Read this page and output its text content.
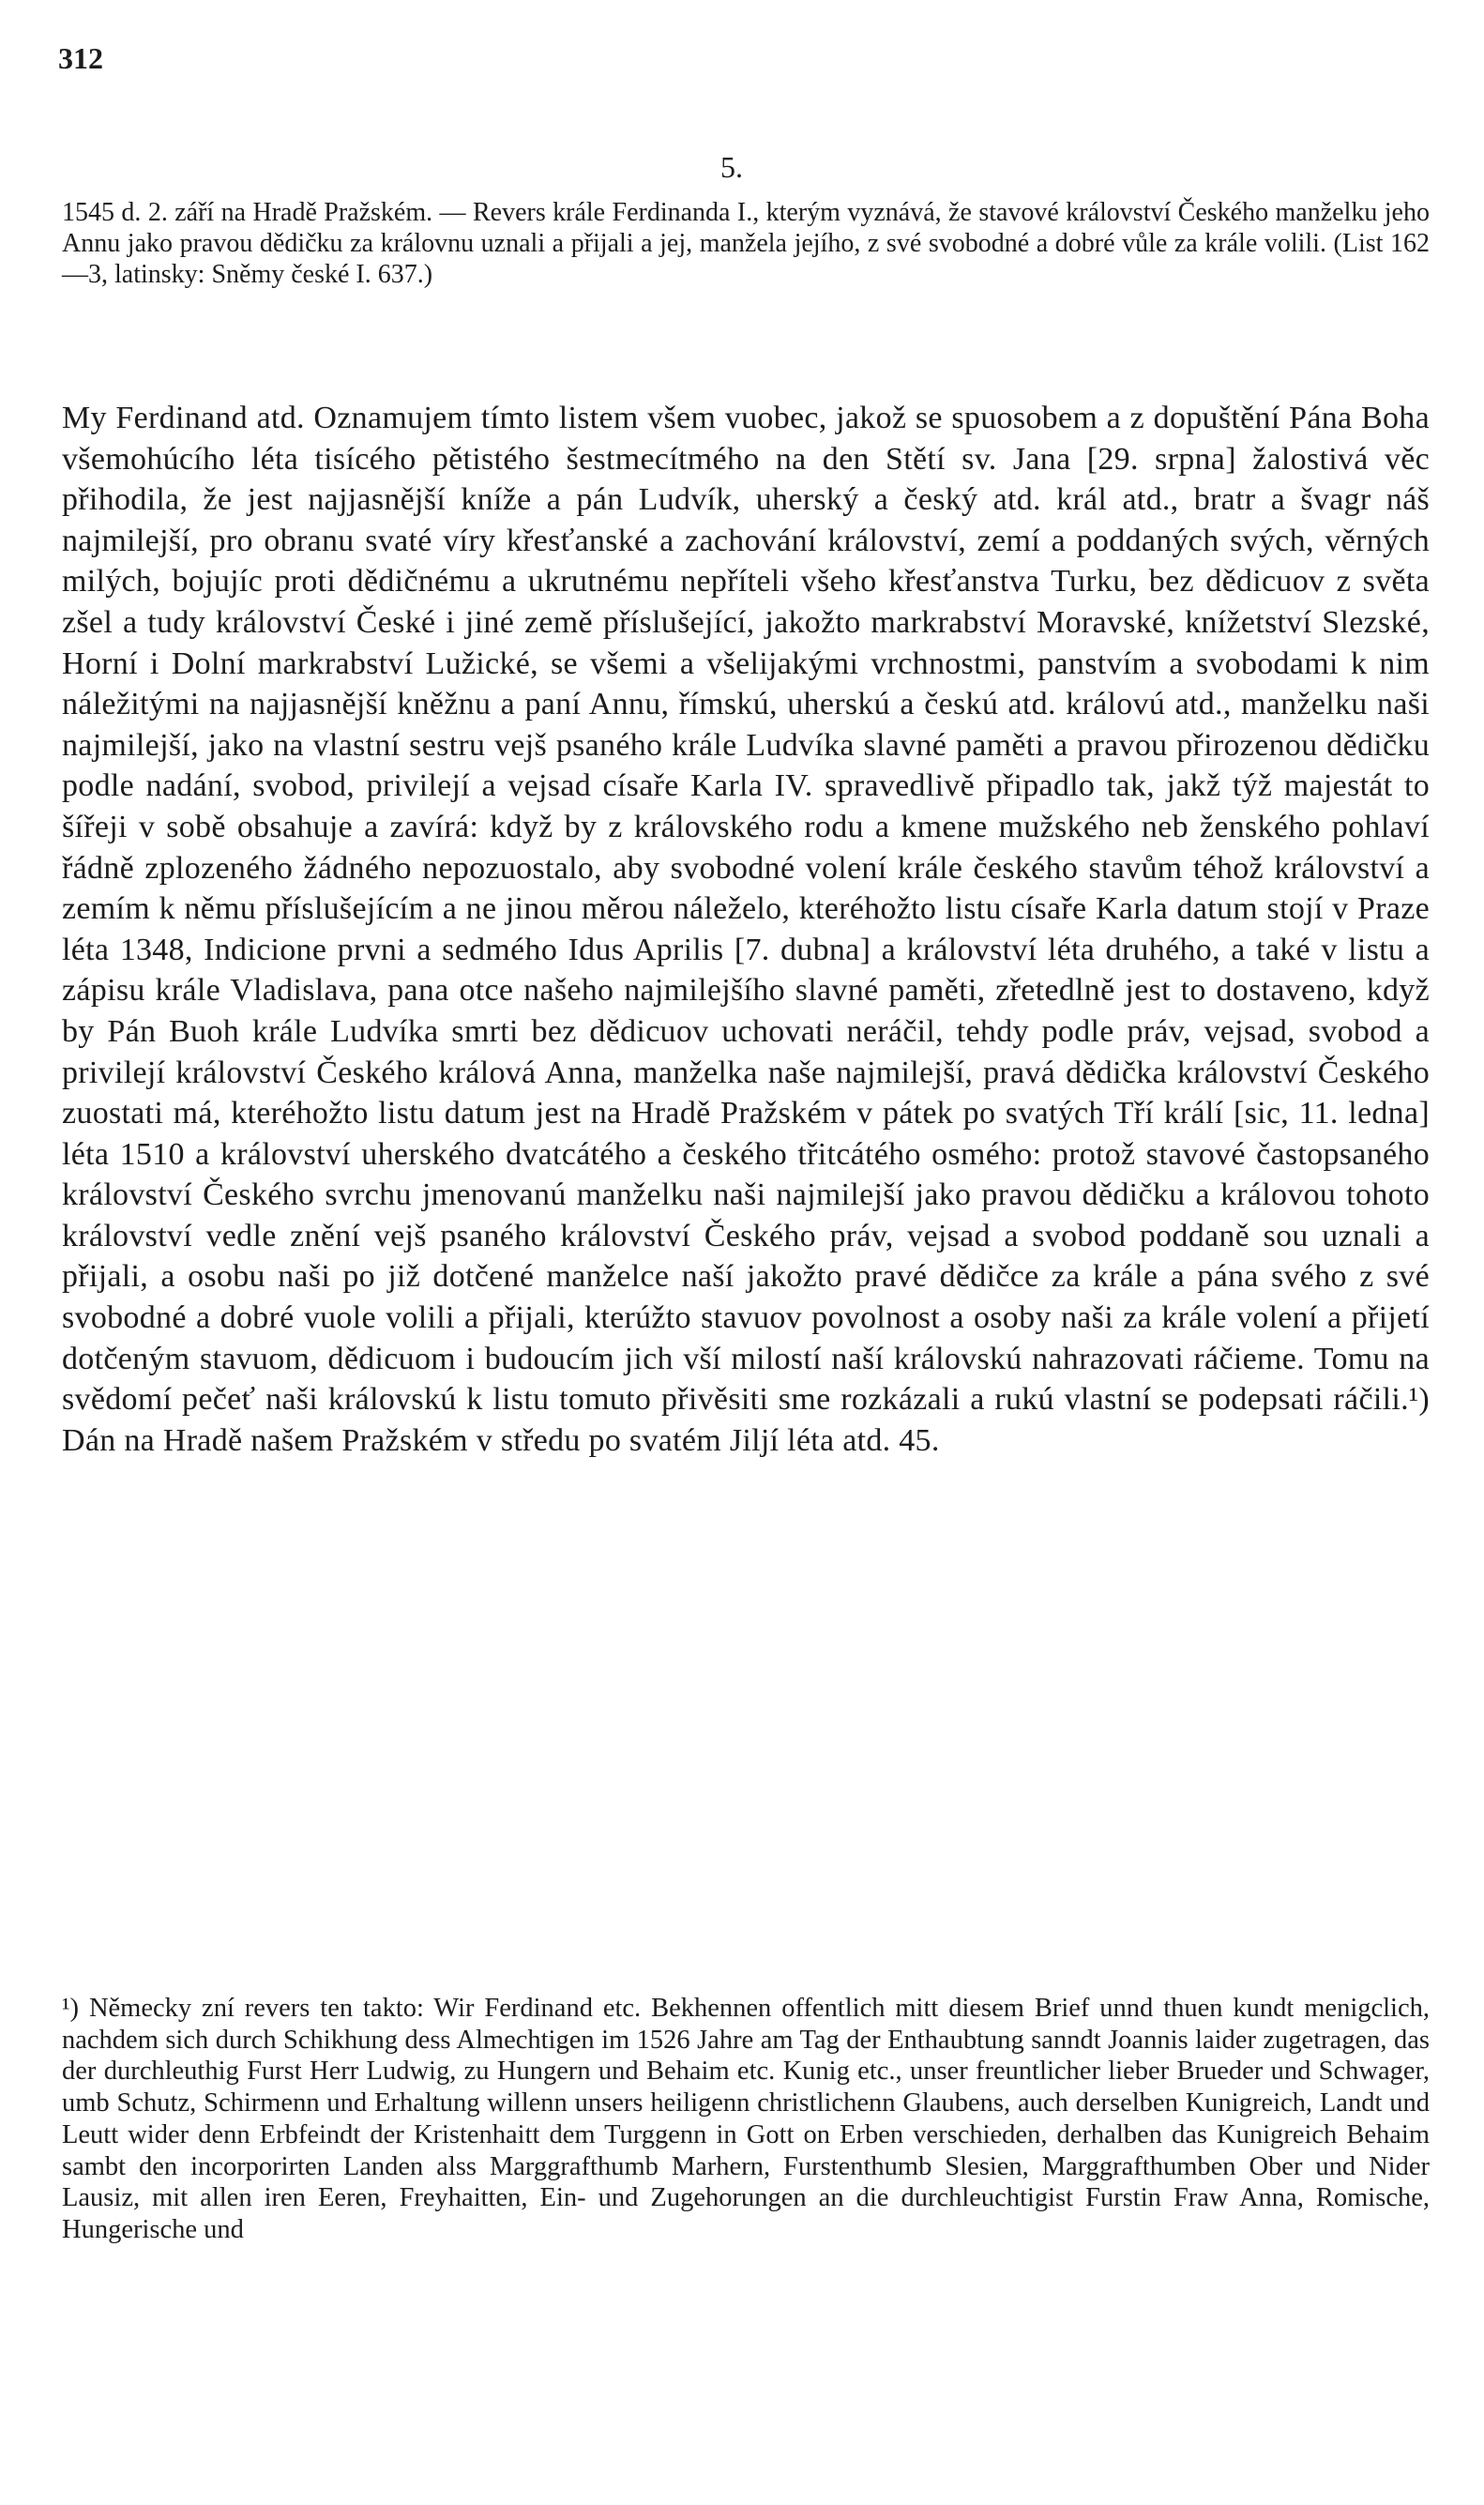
312
5.

1545 d. 2. září na Hradě Pražském. — Revers krále Ferdinanda I., kterým vyznává, že stavové království Českého manželku jeho Annu jako pravou dědičku za královnu uznali a přijali a jej, manžela jejího, z své svobodné a dobré vůle za krále volili. (List 162—3, latinsky: Sněmy české I. 637.)

My Ferdinand atd. Oznamujem tímto listem všem vuobec, jakož se spuosobem a z dopuštění Pána Boha všemohúcího léta tisícého pětistého šestmecítmého na den Stětí sv. Jana [29. srpna] žalostivá věc přihodila, že jest najjasnější kníže a pán Ludvík, uherský a český atd. král atd., bratr a švagr náš najmilejší, pro obranu svaté víry křesťanské a zachování království, zemí a poddaných svých, věrných milých, bojujíc proti dědičnému a ukrutnému nepříteli všeho křesťanstva Turku, bez dědicuov z světa zšel a tudy království České i jiné země příslušející, jakožto markrabství Moravské, knížetství Slezské, Horní i Dolní markrabství Lužické, se všemi a všelijakými vrchnostmi, panstvím a svobodami k nim náležitými na najjasnější kněžnu a paní Annu, římskú, uherskú a českú atd. královú atd., manželku naši najmilejší, jako na vlastní sestru vejš psaného krále Ludvíka slavné paměti a pravou přirozenou dědičku podle nadání, svobod, privilejí a vejsad císaře Karla IV. spravedlivě připadlo tak, jakž týž majestát to šířeji v sobě obsahuje a zavírá: když by z královského rodu a kmene mužského neb ženského pohlaví řádně zplozeného žádného nepozuostalo, aby svobodné volení krále českého stavům téhož království a zemím k němu příslušejícím a ne jinou měrou náleželo, kteréhožto listu císaře Karla datum stojí v Praze léta 1348, Indicione prvni a sedmého Idus Aprilis [7. dubna] a království léta druhého, a také v listu a zápisu krále Vladislava, pana otce našeho najmilejšího slavné paměti, zřetedlně jest to dostaveno, když by Pán Buoh krále Ludvíka smrti bez dědicuov uchovati neráčil, tehdy podle práv, vejsad, svobod a privilejí království Českého králová Anna, manželka naše najmilejší, pravá dědička království Českého zuostati má, kteréhožto listu datum jest na Hradě Pražském v pátek po svatých Tří králí [sic, 11. ledna] léta 1510 a království uherského dvatcátého a českého třitcátého osmého: protož stavové častopsaného království Českého svrchu jmenovanú manželku naši najmilejší jako pravou dědičku a královou tohoto království vedle znění vejš psaného království Českého práv, vejsad a svobod poddaně sou uznali a přijali, a osobu naši po již dotčené manželce naší jakožto pravé dědičce za krále a pána svého z své svobodné a dobré vuole volili a přijali, kterúžto stavuov povolnost a osoby naši za krále volení a přijetí dotčeným stavuom, dědicuom i budoucím jich vší milostí naší královskú nahrazovati ráčieme. Tomu na svědomí pečeť naši královskú k listu tomuto přivěsiti sme rozkázali a rukú vlastní se podepsati ráčili.¹) Dán na Hradě našem Pražském v středu po svatém Jiljí léta atd. 45.

¹) Německy zní revers ten takto: Wir Ferdinand etc. Bekhennen offentlich mitt diesem Brief unnd thuen kundt menigclich, nachdem sich durch Schikhung dess Almechtigen im 1526 Jahre am Tag der Enthaubtung sanndt Joannis laider zugetragen, das der durchleuthig Furst Herr Ludwig, zu Hungern und Behaim etc. Kunig etc., unser freuntlicher lieber Brueder und Schwager, umb Schutz, Schirmenn und Erhaltung willenn unsers heiligenn christlichenn Glaubens, auch derselben Kunigreich, Landt und Leutt wider denn Erbfeindt der Kristenhaitt dem Turggenn in Gott on Erben verschieden, derhalben das Kunigreich Behaim sambt den incorporirten Landen alss Marggrafthumb Marhern, Furstenthumb Slesien, Marggrafthumben Ober und Nider Lausiz, mit allen iren Eeren, Freyhaitten, Ein- und Zugehorungen an die durchleuchtigist Furstin Fraw Anna, Romische, Hungerische und
